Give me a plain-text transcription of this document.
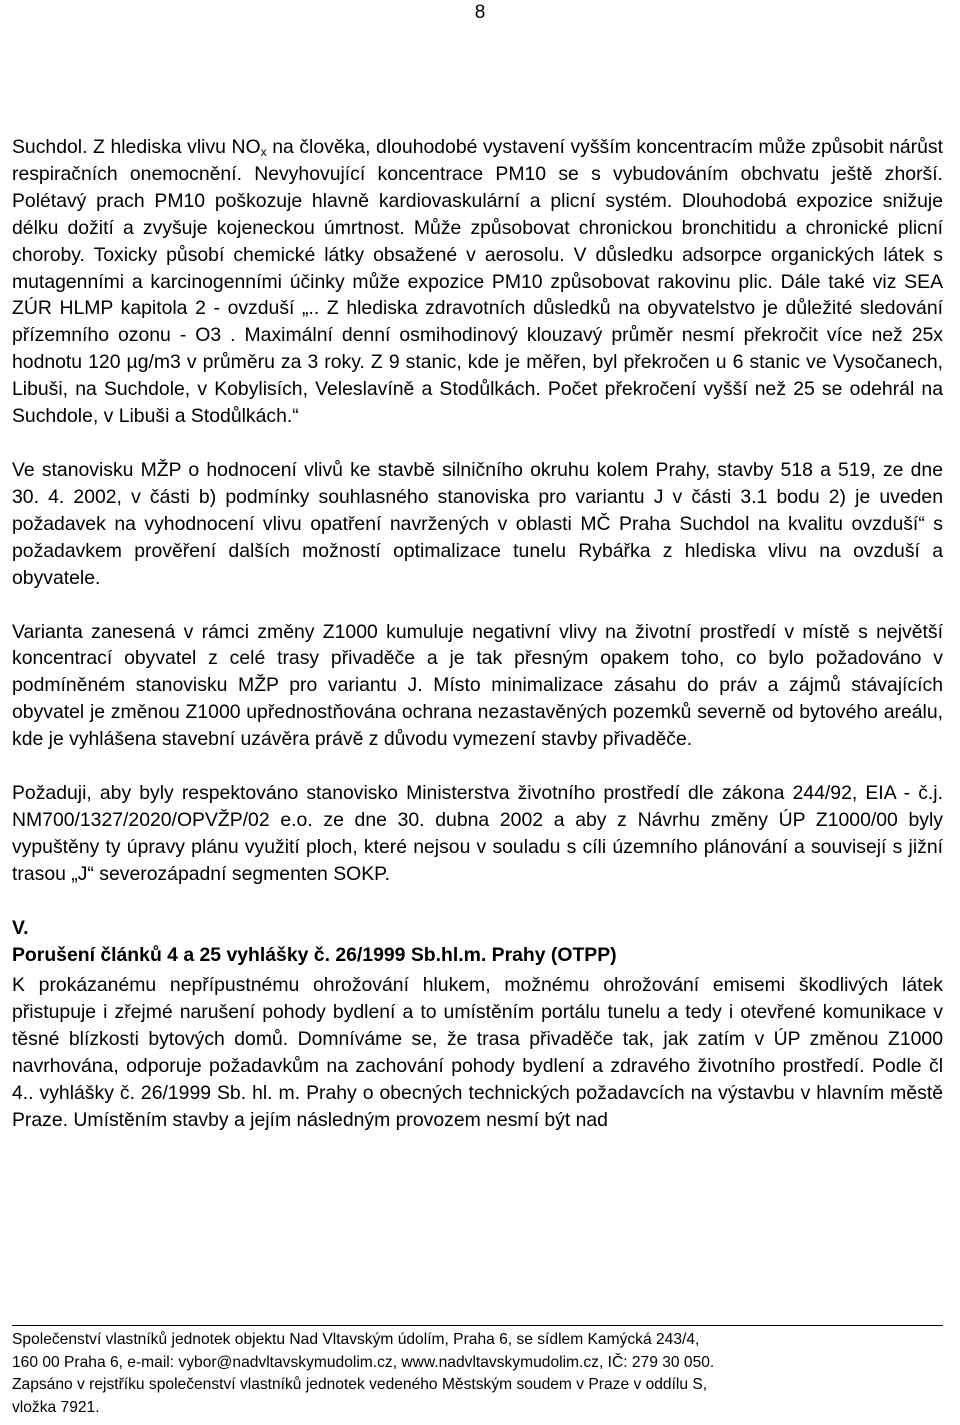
8

Suchdol. Z hlediska vlivu $NO_x$ na člověka, dlouhodobé vystavení vyšším koncentracím může způsobit nárůst respiračních onemocnění. Nevyhovující koncentrace PM10 se s vybudováním obchvatu ještě zhorší. Polétavý prach PM10 poškozuje hlavně kardiovaskulární a plicní systém. Dlouhodobá expozice snižuje délku dožití a zvyšuje kojeneckou úmrtnost. Může způsobovat chronickou bronchitidu a chronické plicní choroby. Toxicky působí chemické látky obsažené v aerosolu. V důsledku adsorpce organických látek s mutagenními a karcinogenními účinky může expozice PM10 způsobovat rakovinu plic. Dále také viz SEA ZÚR HLMP kapitola 2 - ovzduší „.. Z hlediska zdravotních důsledků na obyvatelstvo je důležité sledování přízemního ozonu - O3 . Maximální denní osmihodinový klouzavý průměr nesmí překročit více než 25x hodnotu 120 µg/m3 v průměru za 3 roky. Z 9 stanic, kde je měřen, byl překročen u 6 stanic ve Vysočanech, Libuši, na Suchdole, v Kobylisích, Veleslavíně a Stodůlkách. Počet překročení vyšší než 25 se odehrál na Suchdole, v Libuši a Stodůlkách.“

Ve stanovisku MŽP o hodnocení vlivů ke stavbě silničního okruhu kolem Prahy, stavby 518 a 519, ze dne 30. 4. 2002, v části b) podmínky souhlasného stanoviska pro variantu J v části 3.1 bodu 2) je uveden požadavek na vyhodnocení vlivu opatření navržených v oblasti MČ Praha Suchdol na kvalitu ovzduší“ s požadavkem prověření dalších možností optimalizace tunelu Rybářka z hlediska vlivu na ovzduší a obyvatele.

Varianta zanesená v rámci změny Z1000 kumuluje negativní vlivy na životní prostředí v místě s největší koncentrací obyvatel z celé trasy přivaděče a je tak přesným opakem toho, co bylo požadováno v podmíněném stanovisku MŽP pro variantu J. Místo minimalizace zásahu do práv a zájmů stávajících obyvatel je změnou Z1000 upřednostňována ochrana nezastavěných pozemků severně od bytového areálu, kde je vyhlášena stavební uzávěra právě z důvodu vymezení stavby přivaděče.

Požaduji, aby byly respektováno stanovisko Ministerstva životního prostředí dle zákona 244/92, EIA - č.j. NM700/1327/2020/OPVŽP/02 e.o. ze dne 30. dubna 2002 a aby z Návrhu změny ÚP Z1000/00 byly vypuštěny ty úpravy plánu využití ploch, které nejsou v souladu s cíli územního plánování a souvisejí s jižní trasou „J“ severozápadní segmenten SOKP.

V.

Porušení článků 4 a 25 vyhlášky č. 26/1999 Sb.hl.m. Prahy (OTPP)

K prokázanému nepřípustnému ohrožování hlukem, možnému ohrožování emisemi škodlivých látek přistupuje i zřejmé narušení pohody bydlení a to umístěním portálu tunelu a tedy i otevřené komunikace v těsné blízkosti bytových domů. Domníváme se, že trasa přivaděče tak, jak zatím v ÚP změnou Z1000 navrhována, odporuje požadavkům na zachování pohody bydlení a zdravého životního prostředí. Podle čl 4.. vyhlášky č. 26/1999 Sb. hl. m. Prahy o obecných technických požadavcích na výstavbu v hlavním městě Praze. Umístěním stavby a jejím následným provozem nesmí být nad

Společenství vlastníků jednotek objektu Nad Vltavským údolím, Praha 6, se sídlem Kamýcká 243/4,
160 00 Praha 6, e-mail: vybor@nadvltavskymudolim.cz, www.nadvltavskymudolim.cz, IČ: 279 30 050.
Zapsáno v rejstříku společenství vlastníků jednotek vedeného Městským soudem v Praze v oddílu S,
vložka 7921.
